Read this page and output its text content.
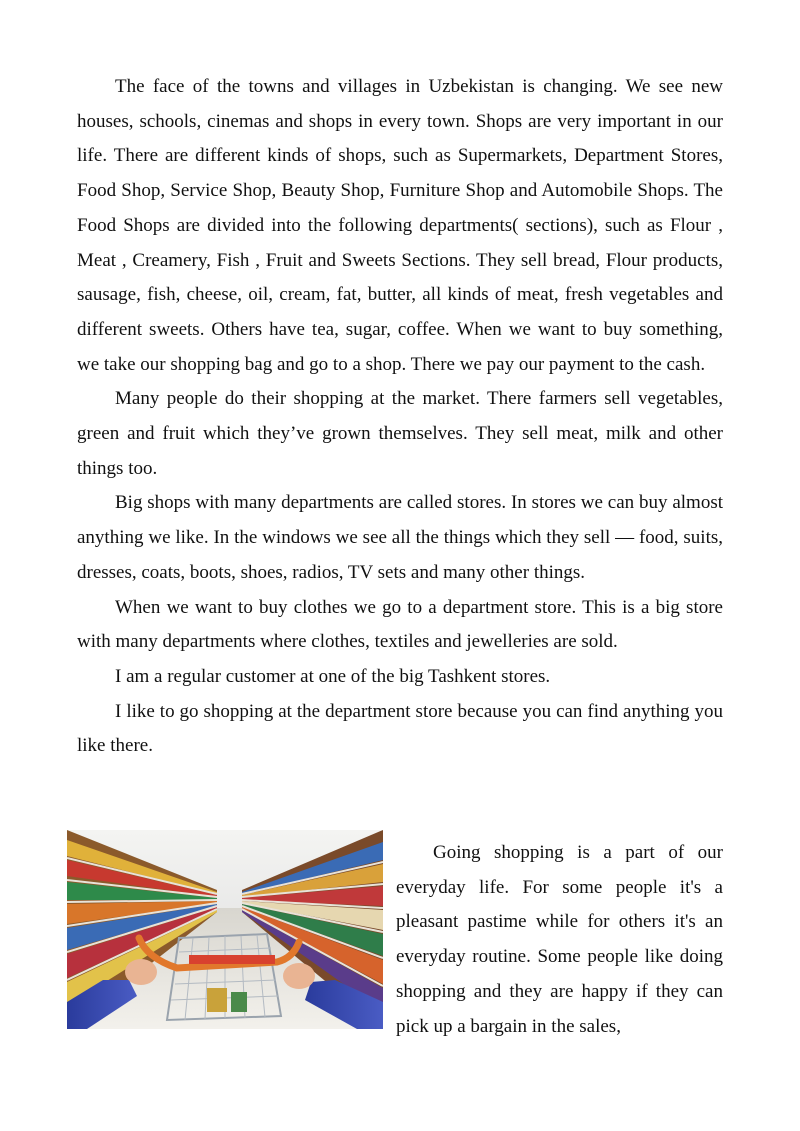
The face of the towns and villages in Uzbekistan is changing. We see new houses, schools, cinemas and shops in every town. Shops are very important in our life. There are different kinds of shops, such as Supermarkets, Department Stores, Food Shop, Service Shop, Beauty Shop, Furniture Shop and Automobile Shops. The Food Shops are divided into the following departments( sections), such as Flour , Meat , Creamery, Fish , Fruit and Sweets Sections. They sell bread, Flour products, sausage, fish, cheese, oil, cream, fat, butter, all kinds of meat, fresh vegetables and different sweets. Others have tea, sugar, coffee. When we want to buy something, we take our shopping bag and go to a shop. There we pay our payment to the cash.

Many people do their shopping at the market. There farmers sell vegetables, green and fruit which they’ve grown themselves. They sell meat, milk and other things too.

Big shops with many departments are called stores. In stores we can buy almost anything we like. In the windows we see all the things which they sell — food, suits, dresses, coats, boots, shoes, radios, TV sets and many other things.

When we want to buy clothes we go to a department store. This is a big store with many departments where clothes, textiles and jewelleries are sold.

I am a regular customer at one of the big Tashkent stores.

I like to go shopping at the department store because you can find anything you like there.

Going shopping is a part of our everyday life. For some people it's a pleasant pastime while for others it's an everyday routine. Some people like doing shopping and they are happy if they can pick up a bargain in the sales,
